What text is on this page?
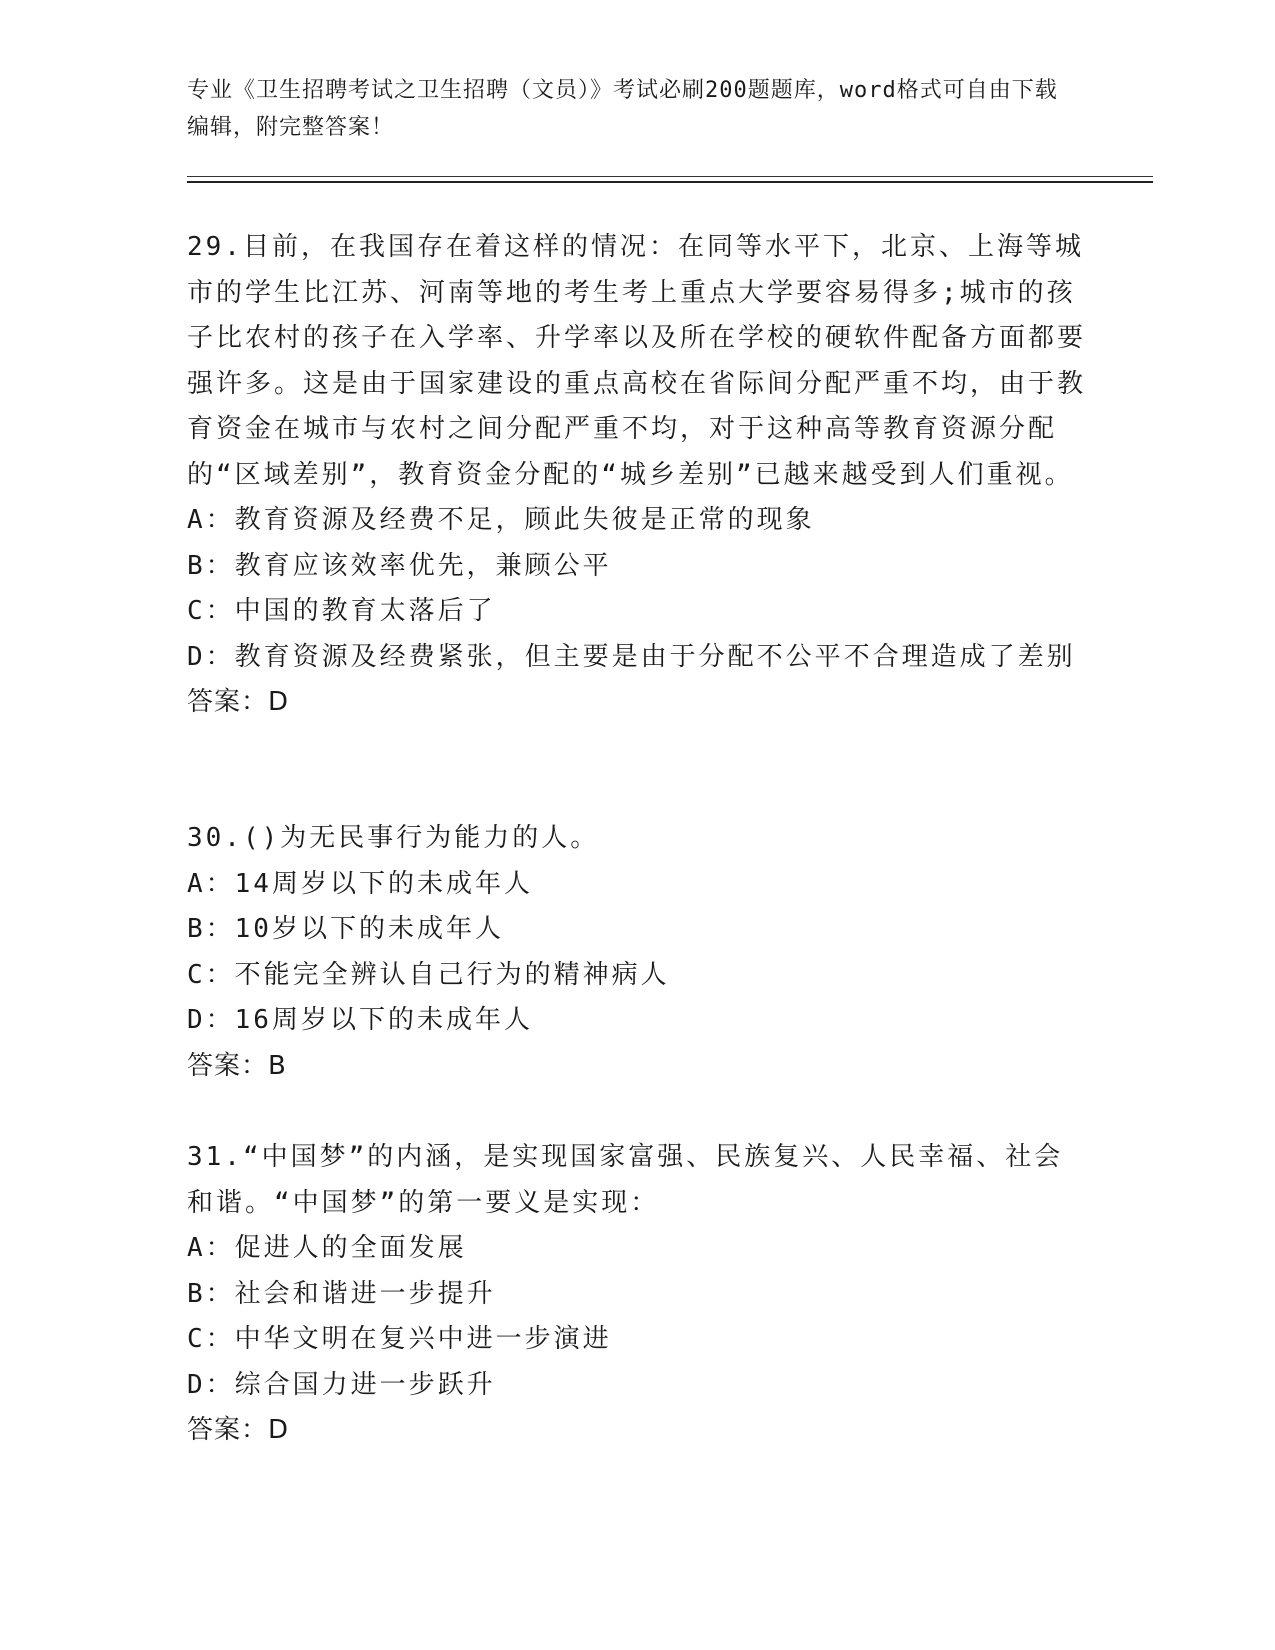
专业《卫生招聘考试之卫生招聘（文员）》考试必刷200题题库，word格式可自由下载编辑，附完整答案！
29.目前，在我国存在着这样的情况：在同等水平下，北京、上海等城市的学生比江苏、河南等地的考生考上重点大学要容易得多;城市的孩子比农村的孩子在入学率、升学率以及所在学校的硬软件配备方面都要强许多。这是由于国家建设的重点高校在省际间分配严重不均，由于教育资金在城市与农村之间分配严重不均，对于这种高等教育资源分配的“区域差别”，教育资金分配的“城乡差别”已越来越受到人们重视。
A：教育资源及经费不足，顾此失彼是正常的现象
B：教育应该效率优先，兼顾公平
C：中国的教育太落后了
D：教育资源及经费紧张，但主要是由于分配不公平不合理造成了差别
答案：D
30.()为无民事行为能力的人。
A：14周岁以下的未成年人
B：10岁以下的未成年人
C：不能完全辨认自己行为的精神病人
D：16周岁以下的未成年人
答案：B
31.“中国梦”的内涵，是实现国家富强、民族复兴、人民幸福、社会和谐。“中国梦”的第一要义是实现：
A：促进人的全面发展
B：社会和谐进一步提升
C：中华文明在复兴中进一步演进
D：综合国力进一步跃升
答案：D
